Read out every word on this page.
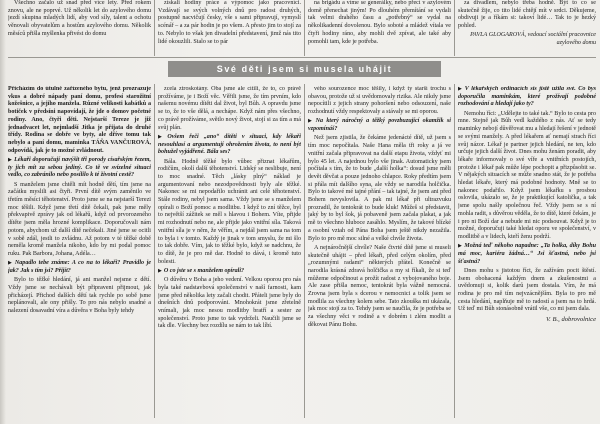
Všechno začalo už snad před více lety. Před rokem znovu, ale ne poprvé. Už několik let do azylového domu jezdí skupina mladých lidí, aby vod síly, talent a ochotu věnovali obyvatelům a hostům azylového domu. Několik měsíců přišla myšlenka přivést do domu

získali hodiny práce a výpomoc jako pracovníci. Vzdávají se svých volných dnů pro radost druhých, postupně nacvičují česky, vše s sami připravují, vymyslí scénář – a za pár hodin je po všem. A přesto jim to stojí za to. Nebylo to však jen divadelní představení, jimž nás tito lidé okouzlili. Stalo se to pár

na brigádu a víme se generálky, nebo přecí v azylovém domě přenechat jiným! Po dlouhém přemítání se vydali tak velmi drahého času a „potřebný“ se vydal na několikadenní dovolenou. Bylo soboté a mládež vítala ve čtyři hodiny ráno, aby mohli dvě zpívat, ale také aby pomohli tam, kde je potřeba.

za divadlem, nebylo třeba hodně. Být to co se skutečně žije, co tito lidé chtějí mít v srdci. Děkujeme, obdivuji je a říkám si: takoví lidé… Tak to je hezký pohled.

PAVLA GLOGAROVÁ, vedoucí sociální pracovnice azylového domu

Své děti jsem si musela uhájit

Přicházím do útulně zařízeného bytu, jenž prozrazuje vkus a dobré nápady paní domu, profesí starožitní kožešnice, a jejího manžela. Různé velikosti kabátků a botiček v předsíni napovídají, že jde o domov početné rodiny. Ano, čtyři děti. Nejstarší Tereze je již jednadvacet let, nejmladší Jitka je přijata do druhé třídy. Rodina se dobře ve byty, ale dříve tomu tak nebylo a paní domu, maminka TÁŇA VANČUROVÁ, odpovídá, jak je to možné zvládnout.

▶ Lékaři doporučují navýšit tři porody císařským řezem, ty jich mít za sebou jediný. Co tě ve svízelné situaci vedlo, co zabránilo nebo posílilo k té životní cestě?

S manželem jsme chtěli mít hodně dětí, tím jsme na začátku myslili asi čtyři. První dítě svým zaměnilo ve třetím měsíci těhotenství. Proto jsme se na nejstarší Terezi moc těšili. Když jsme třetí dítě čekali, pak jsme měly překvapivě zprávy jak od lékařů, když od prvorozeného dítěte jsem měla hrozné komplikace. Doporučovali nám potom, abychom už další dítě nečekali. Jiné jsme se ocitli v sobě zdál, jestli to zvládnu. Až potom v té těžké době neměla kromě manžela nikoho, kdo by mi podal pomoc ruku. Pak Barbora, Johana, Adéla…

▶ Napadlo tebe známe: A co na to lékaři? Pravidlo je jak? Jak s tím jsi? Přijít?

Bylo to těžké hledání, já ani manžel nejsme z dětí. Vždy jsme se nechávali být připraveni přijmout, jak přicházejí. Přichod dalších dětí tak rychle po sobě jsme neplánovali, ale ony přišly. To pro nás nebylo snadné a nalezení dosavadní víra a důvěra v Boha byly tehdy

zcela ztroskotány. Oba jsme ale cítili, že to, co právě prožíváme, je i Boží věc. Věřili jsme, že tím prvním, kdo našemu novému dítěti dal život, byl Bůh. A opravdu jsme se to, že to vše dělá, a nechápe. Když nám přes všechno, co právě prožíváme, světlo nový život, stojí si za tím a má svůj plán.

▶ Ovšem řeči „ano“ dítěti v situaci, kdy lékaři nesouhlasí a argumentují ohrožením života, to není být bohužel vyjádřené. Bála ses?

Bála. Hodně těžké bylo vůbec přiznat lékařům, rodičům, okolí další těhotenství. Lidský se neslibuje, není to moc snadné. Těch „lásky plný“ náklad je argumentovaní nebo nezodpovědnosti byly ale těžké. Nakonec se mi nepodařilo uchránit ani celé těhotenství. Stále rodiny, nebyl jsem sama. Vždy jsme se s manželem opírali o Boží pomoc a modlitbu. I když to zní těžce, byl to největší zážitek se měl s hlavou i Bohem. Víte, přijde mi rozhodnutí nebo ne, ale přijde jako vnitřní síla. Taková vnitřní síla je v něm, že věřím, a nejdál jsem sama na tom to byla i v tomto. Každý je jinak v tom smyslu, že mi šlo to tak dobře. Vím, jak to těžké bylo, když se nadchnu, že to dítě, že je pro mě dar. Hodně to dává, i kromě tuto bolesti.

▶ O co jste se s manželem opírali?

O důvěru v Boha a jeho vedení. Velkou oporou pro nás byla také nadstavbová společenství v naší farnosti, kam jsme před několika lety začali chodit. Přáteli jsme byly do dnešních dnů podporováni. Mnohokrát jsme zřetelně vnímali, jak moc nesou modlitby bratří a sester ze společenství. Proto jsme to tak vydrželi. Naučili jsme se tak dle. Všechny bez rozdílu se nám to tak líbí.

vého sourozence moc těšily, i když ty starší trochu s obavou, protože už si uvědomovaly rizika. Ale nikdy jsme nepocítili z jejich strany pohoršení nebo odsouzení, naše rozhodnutí vždy respektovaly a stávaly se mi oporou.

▶ Na který náročný a těžký povzbuzující okamžik si vzpomínáš?

Než jsem zjistila, že čekáme jedenácté dítě, už jsem s tím moc nepočítala. Naše Hana měla tři roky a já ve vnitřní začala připravovat na další etapu života, vždyť mi bylo 45 let. A najednou bylo vše jinak. Automaticky jsem počítala s tím, že to bude „další holka“: dosud jsme měli devět děvčat a pouze jednoho chlapce. Roky předtím jsem si přála mít dalšího syna, ale vždy se narodila holčička. Bylo to takové mé tajné přání – tak tajné, že jsem ani před Bohem nevyslovila. A pak mi lékař při ultrazvuku prozradil, že tentokrát to bude kluk! Můžeš si představit, jaký by to byl šok, já pobaveně jsem začala plakat, a jak mě to všechno hluboce zasáhlo. Myslím, že takové blízké a osobní vztah od Pána Boha jsem ještě nikdy nezažila. Bylo to pro mě moc silné a velké chvíle života.

A nejnáročnější chvíle? Naše čtvrté dítě jsme si museli skutečně uhájit – před lékaři, před celým okolím, před „rozumnými radami“ některých přátel. Konečně se narodila krásná zdravá holčička a my si říkali, že si teď můžeme odpočinout a prožít radost z vybojovaného boje. Ale zase přišla nemoc, tentokrát byla vážně nemocná. Zrovna jsem byla s dcerou v nemocnici a tolik jsem se modlila za všechny kolem sebe. Tato zkouška mi ukázala, jak moc stojí za to. Tehdy jsem se naučila, že je potřeba se za všechny věci v rodině a v dobrém i zlém modlit a děkovat Pánu Bohu.

▶ V lékařských ordinacích sis jistě užila své. Co bys doporučila maminkám, které prožívají podobné rozhodování a hledají jako ty?

Nemohu říci: „Udělejte to také tak.“ Bylo to cesta pro mne. Stejně jak Bůh vedl každého z nás. Ať se tedy maminky nebojí důvěřovat mu a hledají řešení v jednotě se svými manžely. A před lékařem ať nemají strach říci svůj názor. Lékař je partner jejich hledání, ne ten, kdo určuje jejich další život. Dnes mohu ženám poradit, aby lékaře informovaly o své víře a vnitřních postojích, protože i lékař pak může lépe pochopit a přizpůsobit se. V nějakých situacích se může snadno stát, že je potřeba hledat lékaře, který má podobné hodnoty. Mně se to nakonec podařilo. Když jsem lékařku s prosbou oslovila, ukázalo se, že je praktikující katolička, a tak jsme spolu našly společnou řeč. Vždy jsem se s ní mohla radit, s důvěrou věděla, že to dítě, které čekám, je i pro ni Boží dar a nebude mi nic podsouvat. Když je to možné, doporučuji také hledat oporu ve společenství, v modlitbě a v lidech, kteří ženu podrží.

▶ Možná teď někoho napadne: „Ta holka, díky Bohu má moc, kariéra žádná…“ Jsi šťastná, nebo jsi šťastná?

Dnes mohu s jistotou říct, že zažívám pocit štěstí. Jsem obohacená každým dnem a zkušenostmi a uvědomuji si, kolik darů jsem dostala. Vím, že má rodina je pro mě tím nejvzácnějším. Byla to pro mě cesta hledání, naplňuje mě to radostí a jsem na to hrdá. Už teď mi Bůh stonásobně vrátil vše, co mi jsem dala.

V. B., dobrovolnice
